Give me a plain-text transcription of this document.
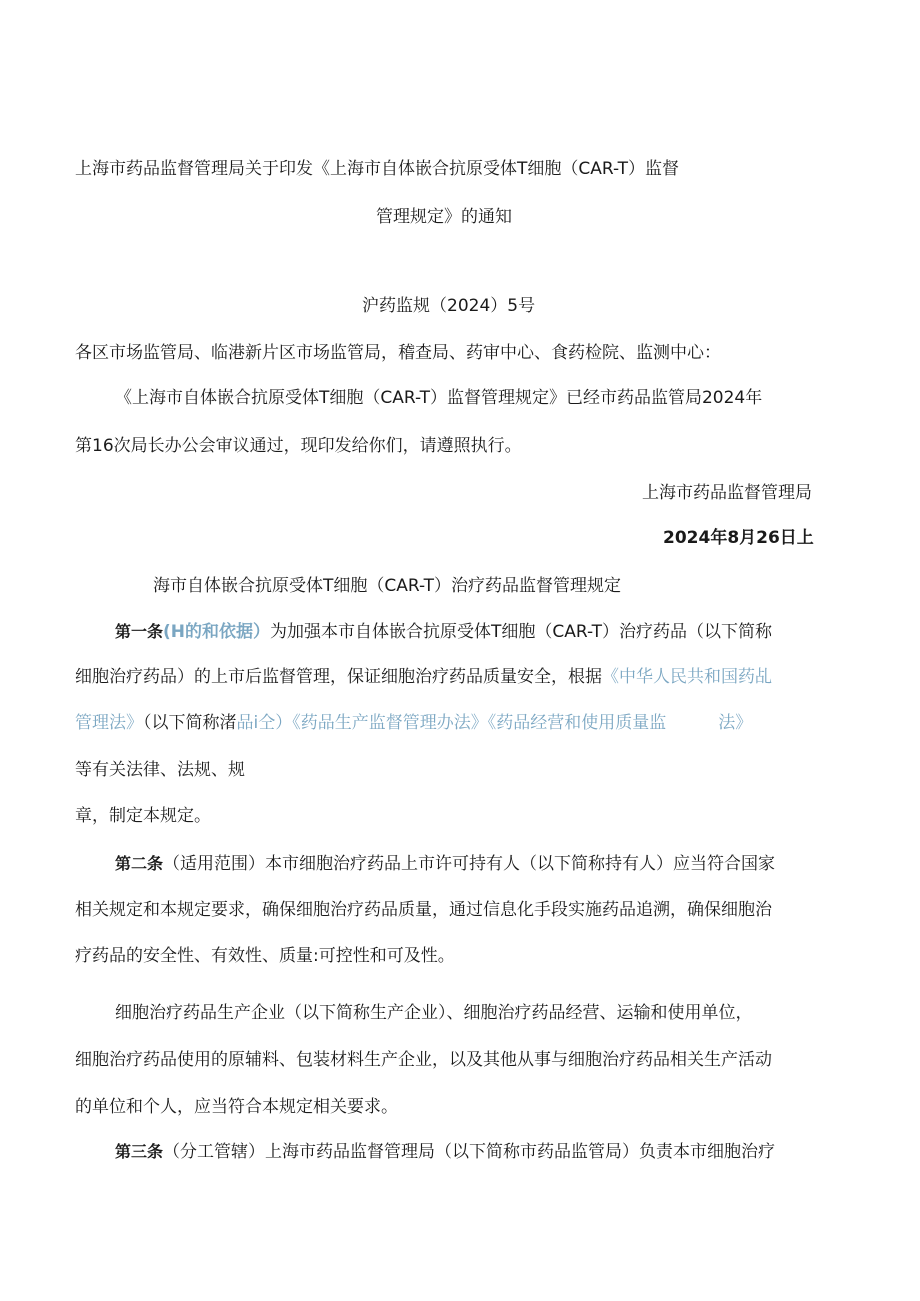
上海市药品监督管理局关于印发《上海市自体嵌合抗原受体T细胞（CAR-T）监督
管理规定》的通知
沪药监规（2024）5号
各区市场监管局、临港新片区市场监管局，稽查局、药审中心、食药检院、监测中心：
《上海市自体嵌合抗原受体T细胞（CAR-T）监督管理规定》已经市药品监管局2024年
第16次局长办公会审议通过，现印发给你们，请遵照执行。
上海市药品监督管理局
2024年8月26日上
海市自体嵌合抗原受体T细胞（CAR-T）治疗药品监督管理规定
第一条(H的和依据）为加强本市自体嵌合抗原受体T细胞（CAR-T）治疗药品（以下简称
细胞治疗药品）的上市后监督管理，保证细胞治疗药品质量安全，根据《中华人民共和国药乩
管理法》（以下简称渚品i仝）《药品生产监督管理办法》《药品经营和使用质量监	法》
等有关法律、法规、规
章，制定本规定。
第二条（适用范围）本市细胞治疗药品上市许可持有人（以下简称持有人）应当符合国家
相关规定和本规定要求，确保细胞治疗药品质量，通过信息化手段实施药品追溯，确保细胞治
疗药品的安全性、有效性、质量:可控性和可及性。
细胞治疗药品生产企业（以下简称生产企业）、细胞治疗药品经营、运输和使用单位，
细胞治疗药品使用的原辅料、包装材料生产企业，以及其他从事与细胞治疗药品相关生产活动
的单位和个人，应当符合本规定相关要求。
第三条（分工管辖）上海市药品监督管理局（以下简称市药品监管局）负责本市细胞治疗
